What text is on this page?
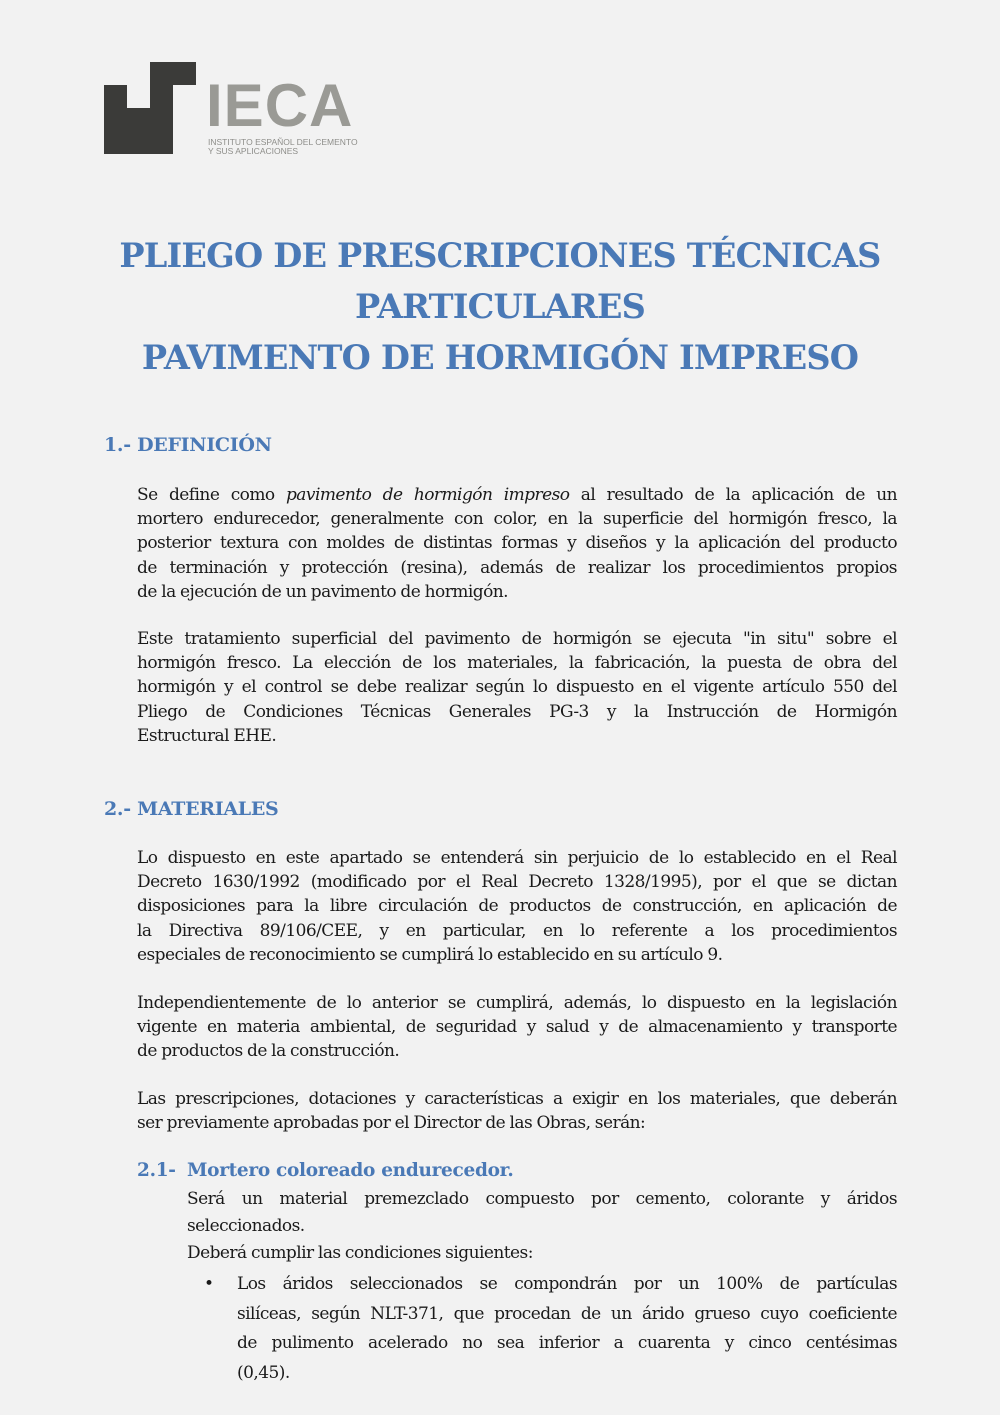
IECA
INSTITUTO ESPAÑOL DEL CEMENTO
Y SUS APLICACIONES
PLIEGO DE PRESCRIPCIONES TÉCNICAS
PARTICULARES
PAVIMENTO DE HORMIGÓN IMPRESO
1.- DEFINICIÓN
Se define como pavimento de hormigón impreso al resultado de la aplicación de un
mortero endurecedor, generalmente con color, en la superficie del hormigón fresco, la
posterior textura con moldes de distintas formas y diseños y la aplicación del producto
de terminación y protección (resina), además de realizar los procedimientos propios
de la ejecución de un pavimento de hormigón.
Este tratamiento superficial del pavimento de hormigón se ejecuta "in situ" sobre el
hormigón fresco. La elección de los materiales, la fabricación, la puesta de obra del
hormigón y el control se debe realizar según lo dispuesto en el vigente artículo 550 del
Pliego de Condiciones Técnicas Generales PG-3 y la Instrucción de Hormigón
Estructural EHE.
2.- MATERIALES
Lo dispuesto en este apartado se entenderá sin perjuicio de lo establecido en el Real
Decreto 1630/1992 (modificado por el Real Decreto 1328/1995), por el que se dictan
disposiciones para la libre circulación de productos de construcción, en aplicación de
la Directiva 89/106/CEE, y en particular, en lo referente a los procedimientos
especiales de reconocimiento se cumplirá lo establecido en su artículo 9.
Independientemente de lo anterior se cumplirá, además, lo dispuesto en la legislación
vigente en materia ambiental, de seguridad y salud y de almacenamiento y transporte
de productos de la construcción.
Las prescripciones, dotaciones y características a exigir en los materiales, que deberán
ser previamente aprobadas por el Director de las Obras, serán:
2.1- Mortero coloreado endurecedor.
Será un material premezclado compuesto por cemento, colorante y áridos
seleccionados.
Deberá cumplir las condiciones siguientes:
• Los áridos seleccionados se compondrán por un 100% de partículas
silíceas, según NLT-371, que procedan de un árido grueso cuyo coeficiente
de pulimento acelerado no sea inferior a cuarenta y cinco centésimas
(0,45).
